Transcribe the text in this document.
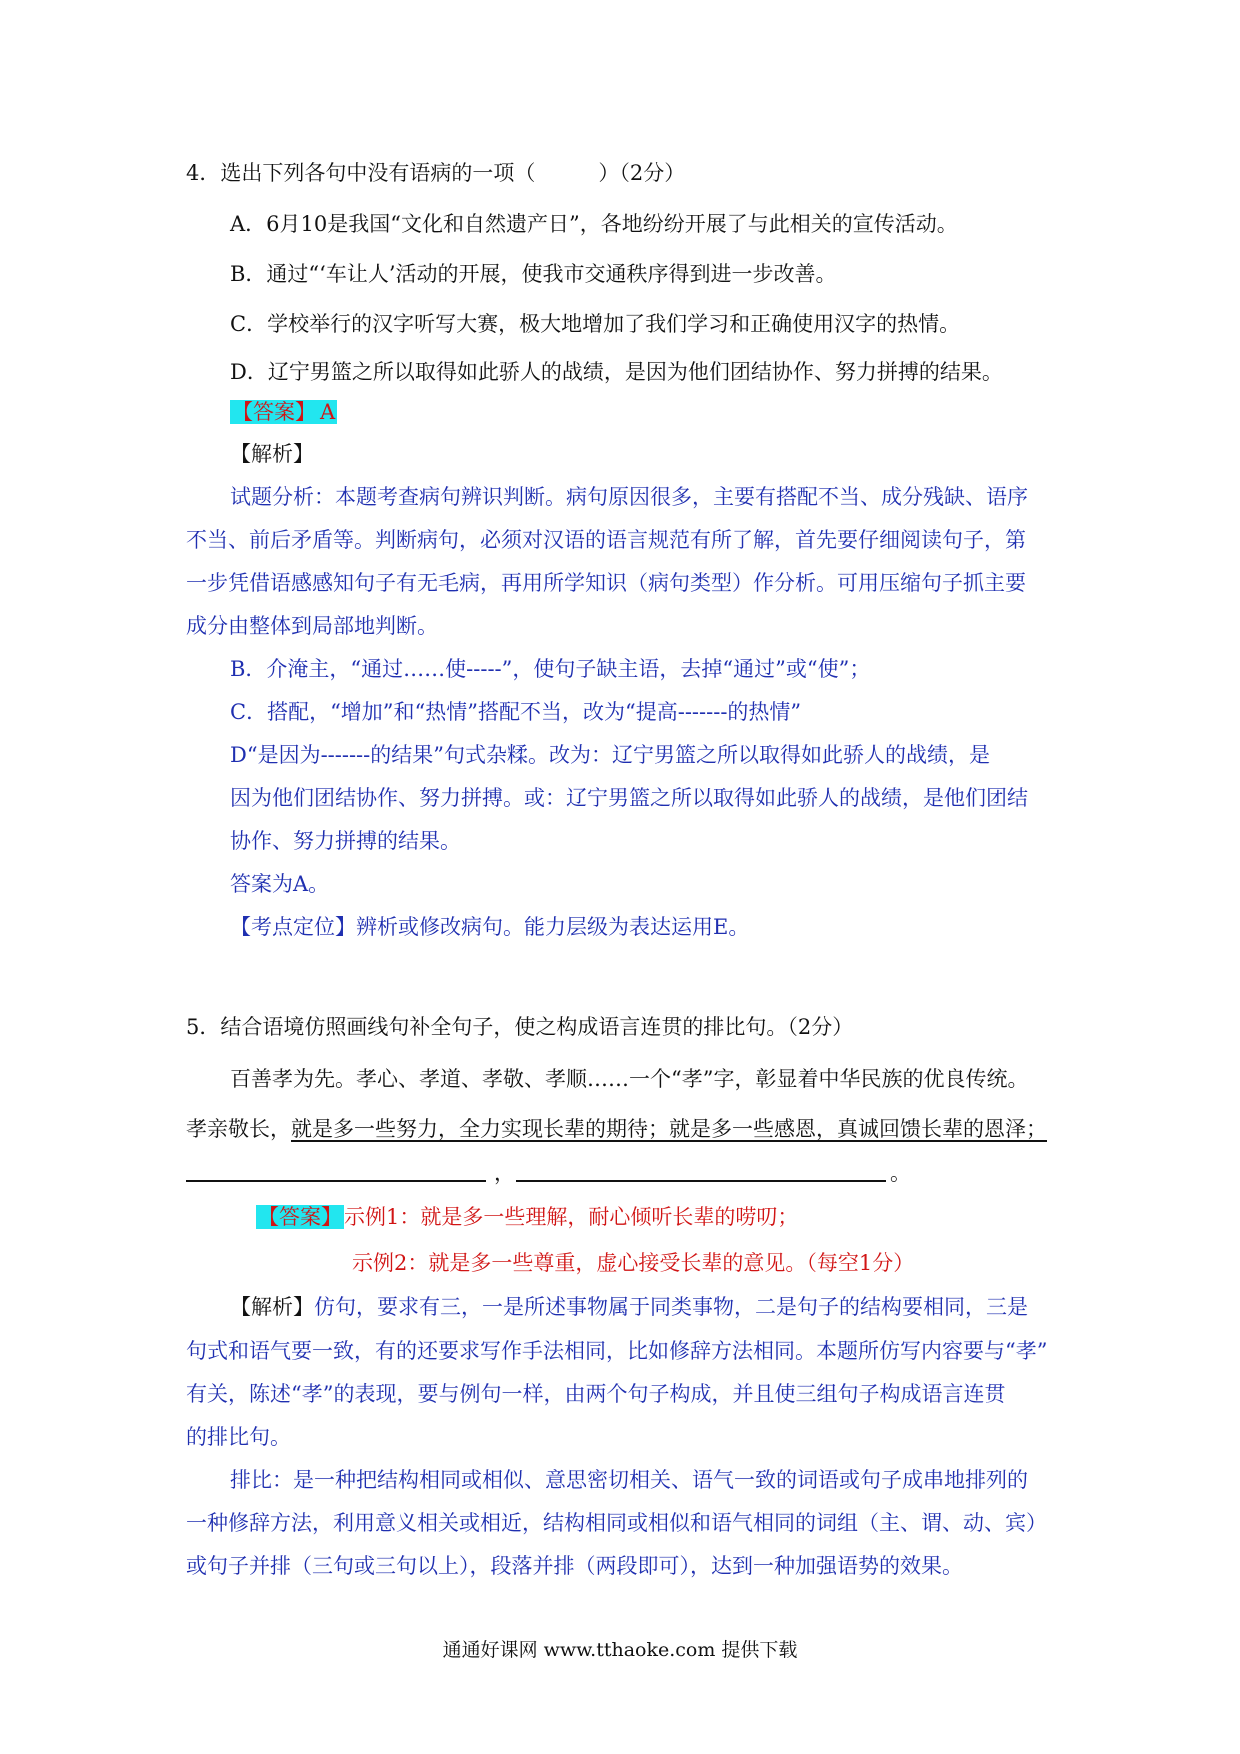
4．选出下列各句中没有语病的一项（　　　）（2分）
A．6月10是我国“文化和自然遗产日”，各地纷纷开展了与此相关的宣传活动。
B．通过“‘车让人’活动的开展，使我市交通秩序得到进一步改善。
C．学校举行的汉字听写大赛，极大地增加了我们学习和正确使用汉字的热情。
D．辽宁男篮之所以取得如此骄人的战绩，是因为他们团结协作、努力拼搏的结果。
【答案】 A
【解析】
试题分析：本题考查病句辨识判断。病句原因很多，主要有搭配不当、成分残缺、语序
不当、前后矛盾等。判断病句，必须对汉语的语言规范有所了解，首先要仔细阅读句子，第
一步凭借语感感知句子有无毛病，再用所学知识（病句类型）作分析。可用压缩句子抓主要
成分由整体到局部地判断。
B．介淹主，“通过……使-----”，使句子缺主语，去掉“通过”或“使”；
C．搭配，“增加”和“热情”搭配不当，改为“提高-------的热情”
D“是因为-------的结果”句式杂糅。改为：辽宁男篮之所以取得如此骄人的战绩，是
因为他们团结协作、努力拼搏。或：辽宁男篮之所以取得如此骄人的战绩，是他们团结
协作、努力拼搏的结果。
答案为A。
【考点定位】辨析或修改病句。能力层级为表达运用E。
5．结合语境仿照画线句补全句子，使之构成语言连贯的排比句。（2分）
百善孝为先。孝心、孝道、孝敬、孝顺……一个“孝”字，彰显着中华民族的优良传统。
孝亲敬长，就是多一些努力，全力实现长辈的期待；就是多一些感恩，真诚回馈长辈的恩泽；
，	。
【答案】示例1：就是多一些理解，耐心倾听长辈的唠叨；
示例2：就是多一些尊重，虚心接受长辈的意见。（每空1分）
【解析】仿句，要求有三，一是所述事物属于同类事物，二是句子的结构要相同，三是
句式和语气要一致，有的还要求写作手法相同，比如修辞方法相同。本题所仿写内容要与“孝”
有关，陈述“孝”的表现，要与例句一样，由两个句子构成，并且使三组句子构成语言连贯
的排比句。
排比：是一种把结构相同或相似、意思密切相关、语气一致的词语或句子成串地排列的
一种修辞方法，利用意义相关或相近，结构相同或相似和语气相同的词组（主、谓、动、宾）
或句子并排（三句或三句以上），段落并排（两段即可），达到一种加强语势的效果。
通通好课网 www.tthaoke.com 提供下载
